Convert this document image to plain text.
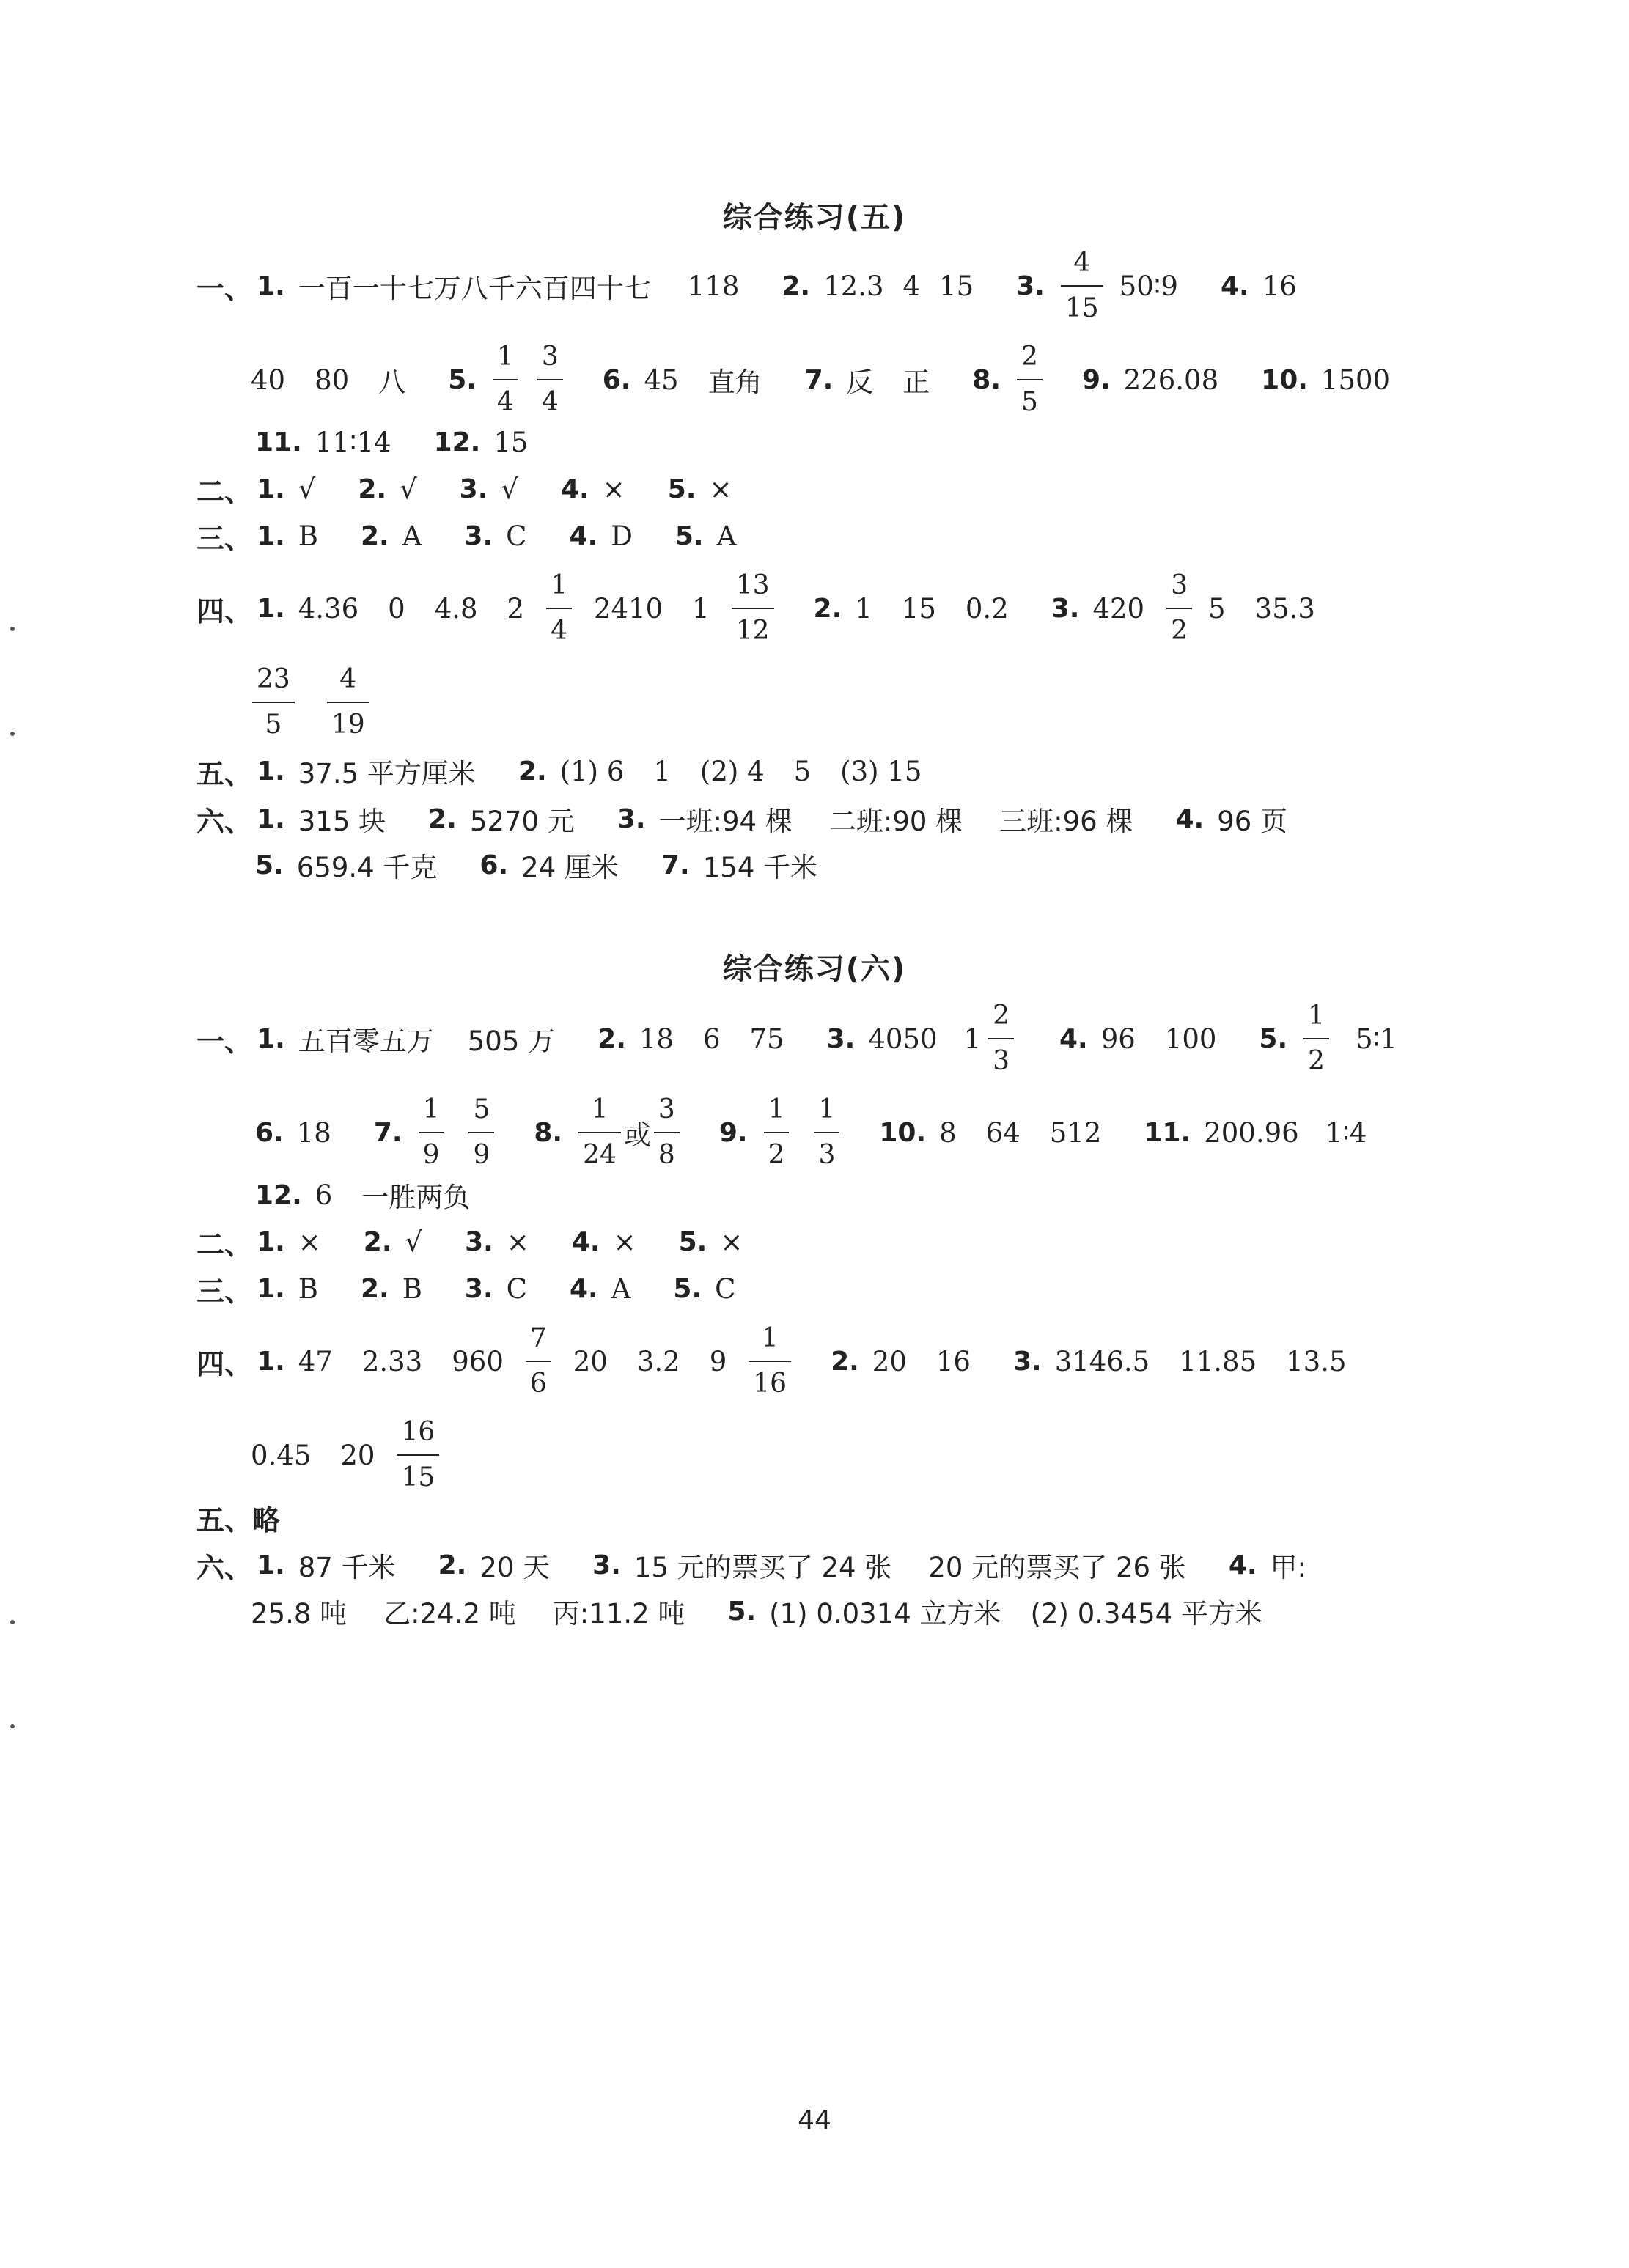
综合练习(五)
一、 1. 一百一十七万八千六百四十七 118 2. 12.3 4 15 3. $\frac{4}{15}$ 50∶9 4. 16
40 80 八 5. $\frac{1}{4} \frac{3}{4} 6$. 45 直角 7. 反 正 8. $\frac{2}{5} 9$. 226.08 10. 1500
11. 11∶14 12. 15
二、 1. √ 2. √ 3. √ 4. × 5. ×
三、 1. B 2. A 3. C 4. D 5. A
四、 1. 4.36 0 4.8 $2 \frac{1}{4} 2410$ $1 \frac{13}{12} 2$. 1 15 0.2 3. $420 \frac{3}{2} 5$ 35.3
$\frac{23}{5} \frac{4}{19}$
五、 1. 37.5 平方厘米 2. (1) 6 1 (2) 4 5 (3) 15
六、 1. 315 块 2. 5270 元 3. 一班:94 棵 二班:90 棵 三班:96 棵 4. 96 页
5. 659.4 千克 6. 24 厘米 7. 154 千米
综合练习(六)
一、 1. 五百零五万 505 万 2. 18 6 75 3. 4050 $1 \frac{2}{3} 4$. 96 100 5. $\frac{1}{2}$ 5∶1
6. 18 7. $\frac{1}{9} \frac{5}{9} 8$. $\frac{1}{24}$ 或 $\frac{3}{8} 9$. $\frac{1}{2} \frac{1}{3} 10$. 8 64 512 11. 200.96 1∶4
12. 6 一胜两负
二、 1. × 2. √ 3. × 4. × 5. ×
三、 1. B 2. B 3. C 4. A 5. C
四、 1. 47 2.33 $960 \frac{7}{6} 20$ 3.2 $9 \frac{1}{16} 2$. 20 16 3. 3146.5 11.85 13.5
0.45 $20 \frac{16}{15}$
五、 略
六、 1. 87 千米 2. 20 天 3. 15 元的票买了 24 张 20 元的票买了 26 张 4. 甲:
25.8 吨 乙:24.2 吨 丙:11.2 吨 5. (1) 0.0314 立方米 (2) 0.3454 平方米
44
